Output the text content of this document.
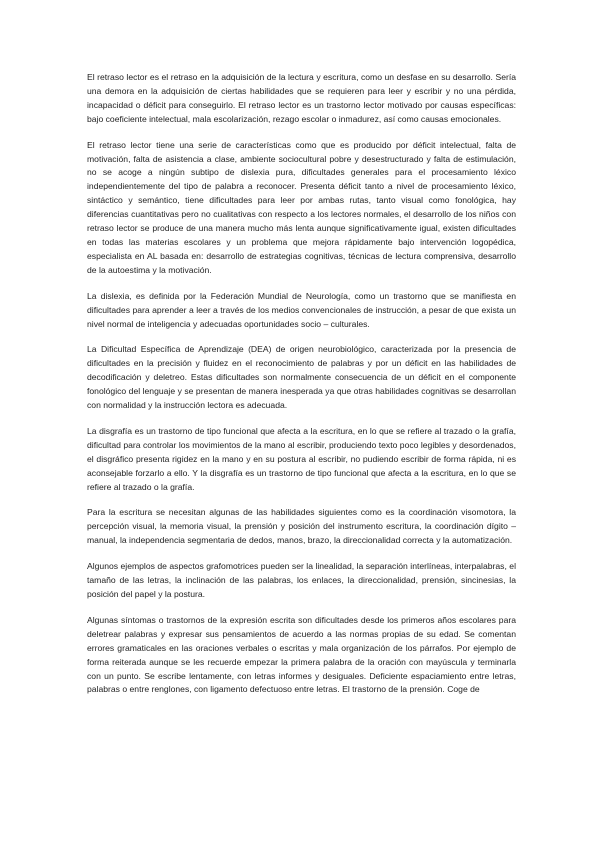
El retraso lector es el retraso en la adquisición de la lectura y escritura, como un desfase en su desarrollo. Sería una demora en la adquisición de ciertas habilidades que se requieren para leer y escribir y no una pérdida, incapacidad o déficit para conseguirlo. El retraso lector es un trastorno lector motivado por causas específicas: bajo coeficiente intelectual, mala escolarización, rezago escolar o inmadurez, así como causas emocionales.

El retraso lector tiene una serie de características como que es producido por déficit intelectual, falta de motivación, falta de asistencia a clase, ambiente sociocultural pobre y desestructurado y falta de estimulación, no se acoge a ningún subtipo de dislexia pura, dificultades generales para el procesamiento léxico independientemente del tipo de palabra a reconocer. Presenta déficit tanto a nivel de procesamiento léxico, sintáctico y semántico, tiene dificultades para leer por ambas rutas, tanto visual como fonológica, hay diferencias cuantitativas pero no cualitativas con respecto a los lectores normales, el desarrollo de los niños con retraso lector se produce de una manera mucho más lenta aunque significativamente igual, existen dificultades en todas las materias escolares y un problema que mejora rápidamente bajo intervención logopédica, especialista en AL basada en: desarrollo de estrategias cognitivas, técnicas de lectura comprensiva, desarrollo de la autoestima y la motivación.

La dislexia, es definida por la Federación Mundial de Neurología, como un trastorno que se manifiesta en dificultades para aprender a leer a través de los medios convencionales de instrucción, a pesar de que exista un nivel normal de inteligencia y adecuadas oportunidades socio – culturales.

La Dificultad Específica de Aprendizaje (DEA) de origen neurobiológico, caracterizada por la presencia de dificultades en la precisión y fluidez en el reconocimiento de palabras y por un déficit en las habilidades de decodificación y deletreo. Estas dificultades son normalmente consecuencia de un déficit en el componente fonológico del lenguaje y se presentan de manera inesperada ya que otras habilidades cognitivas se desarrollan con normalidad y la instrucción lectora es adecuada.

La disgrafía es un trastorno de tipo funcional que afecta a la escritura, en lo que se refiere al trazado o la grafía, dificultad para controlar los movimientos de la mano al escribir, produciendo texto poco legibles y desordenados, el disgráfico presenta rigidez en la mano y en su postura al escribir, no pudiendo escribir de forma rápida, ni es aconsejable forzarlo a ello. Y la disgrafía es un trastorno de tipo funcional que afecta a la escritura, en lo que se refiere al trazado o la grafía.

Para la escritura se necesitan algunas de las habilidades siguientes como es la coordinación visomotora, la percepción visual, la memoria visual, la prensión y posición del instrumento escritura, la coordinación dígito – manual, la independencia segmentaria de dedos, manos, brazo, la direccionalidad correcta y la automatización.

Algunos ejemplos de aspectos grafomotrices pueden ser la linealidad, la separación interlíneas, interpalabras, el tamaño de las letras, la inclinación de las palabras, los enlaces, la direccionalidad, prensión, sincinesias, la posición del papel y la postura.

Algunas síntomas o trastornos de la expresión escrita son dificultades desde los primeros años escolares para deletrear palabras y expresar sus pensamientos de acuerdo a las normas propias de su edad. Se comentan errores gramaticales en las oraciones verbales o escritas y mala organización de los párrafos. Por ejemplo de forma reiterada aunque se les recuerde empezar la primera palabra de la oración con mayúscula y terminarla con un punto. Se escribe lentamente, con letras informes y desiguales. Deficiente espaciamiento entre letras, palabras o entre renglones, con ligamento defectuoso entre letras. El trastorno de la prensión. Coge de
